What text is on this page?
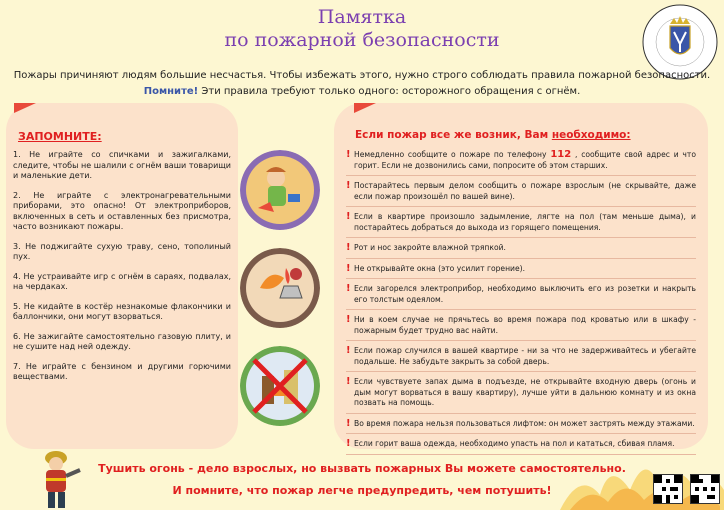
Памятка
по пожарной безопасности
Пожары причиняют людям большие несчастья. Чтобы избежать этого, нужно строго соблюдать правила пожарной безопасности.
Помните! Эти правила требуют только одного: осторожного обращения с огнём.
ЗАПОМНИТЕ:

1. Не играйте со спичками и зажигалками, следите, чтобы не шалили с огнём ваши товарищи и маленькие дети.

2. Не играйте с электронагревательными приборами, это опасно! От электроприборов, включенных в сеть и оставленных без присмотра, часто возникают пожары.

3. Не поджигайте сухую траву, сено, тополиный пух.

4. Не устраивайте игр с огнём в сараях, подвалах, на чердаках.

5. Не кидайте в костёр незнакомые флакончики и баллончики, они могут взорваться.

6. Не зажигайте самостоятельно газовую плиту, и не сушите над ней одежду.

7. Не играйте с бензином и другими горючими веществами.

Если пожар все же возник, Вам необходимо:
! Немедленно сообщите о пожаре по телефону 112 , сообщите свой адрес и что горит. Если не дозвонились сами, попросите об этом старших.
! Постарайтесь первым делом сообщить о пожаре взрослым (не скрывайте, даже если пожар произошёл по вашей вине).
! Если в квартире произошло задымление, лягте на пол (там меньше дыма), и постарайтесь добраться до выхода из горящего помещения.
! Рот и нос закройте влажной тряпкой.
! Не открывайте окна (это усилит горение).
! Если загорелся электроприбор, необходимо выключить его из розетки и накрыть его толстым одеялом.
! Ни в коем случае не прячьтесь во время пожара под кроватью или в шкафу - пожарным будет трудно вас найти.
! Если пожар случился в вашей квартире - ни за что не задерживайтесь и убегайте подальше. Не забудьте закрыть за собой дверь.
! Если чувствуете запах дыма в подъезде, не открывайте входную дверь (огонь и дым могут ворваться в вашу квартиру), лучше уйти в дальнюю комнату и из окна позвать на помощь.
! Во время пожара нельзя пользоваться лифтом: он может застрять между этажами.
! Если горит ваша одежда, необходимо упасть на пол и кататься, сбивая пламя.
Тушить огонь - дело взрослых, но вызвать пожарных Вы можете самостоятельно.
И помните, что пожар легче предупредить, чем потушить!
